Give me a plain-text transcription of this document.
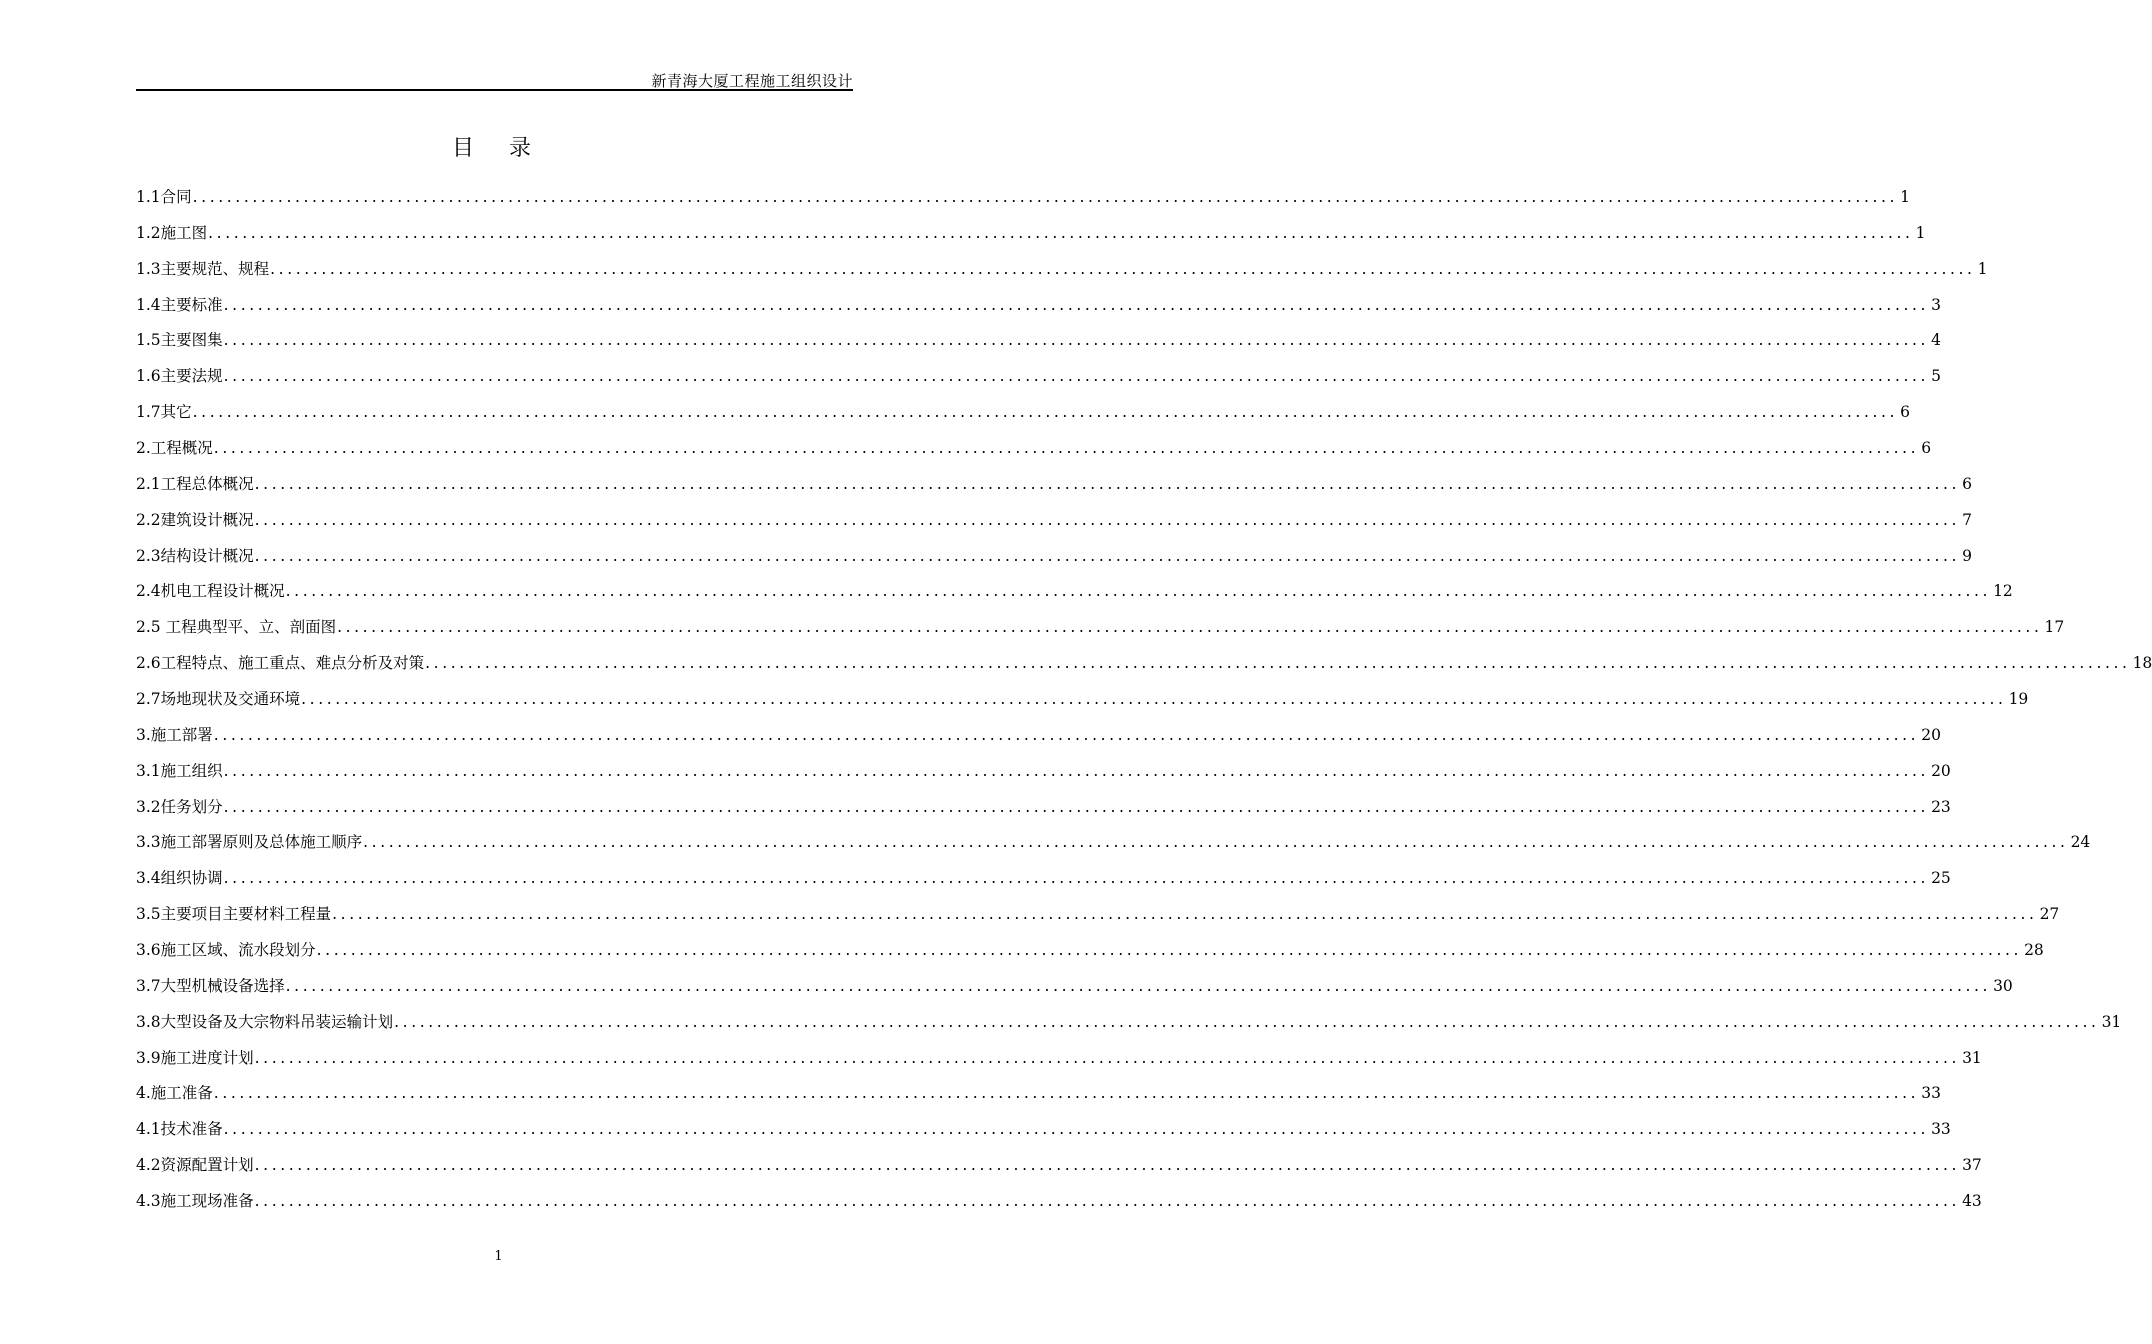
新青海大厦工程施工组织设计
目 录
1.1合同 ........................................................................................................................................................................................................ 1
1.2施工图 ........................................................................................................................................................................................................ 1
1.3主要规范、规程 ........................................................................................................................................................................................................ 1
1.4主要标准 ........................................................................................................................................................................................................ 3
1.5主要图集 ........................................................................................................................................................................................................ 4
1.6主要法规 ........................................................................................................................................................................................................ 5
1.7其它 ........................................................................................................................................................................................................ 6
2.工程概况 ........................................................................................................................................................................................................ 6
2.1工程总体概况 ........................................................................................................................................................................................................ 6
2.2建筑设计概况 ........................................................................................................................................................................................................ 7
2.3结构设计概况 ........................................................................................................................................................................................................ 9
2.4机电工程设计概况 ........................................................................................................................................................................................................ 12
2.5 工程典型平、立、剖面图 ........................................................................................................................................................................................................ 17
2.6工程特点、施工重点、难点分析及对策 ........................................................................................................................................................................................................ 18
2.7场地现状及交通环境 ........................................................................................................................................................................................................ 19
3.施工部署 ........................................................................................................................................................................................................ 20
3.1施工组织 ........................................................................................................................................................................................................ 20
3.2任务划分 ........................................................................................................................................................................................................ 23
3.3施工部署原则及总体施工顺序 ........................................................................................................................................................................................................ 24
3.4组织协调 ........................................................................................................................................................................................................ 25
3.5主要项目主要材料工程量 ........................................................................................................................................................................................................ 27
3.6施工区域、流水段划分 ........................................................................................................................................................................................................ 28
3.7大型机械设备选择 ........................................................................................................................................................................................................ 30
3.8大型设备及大宗物料吊装运输计划 ........................................................................................................................................................................................................ 31
3.9施工进度计划 ........................................................................................................................................................................................................ 31
4.施工准备 ........................................................................................................................................................................................................ 33
4.1技术准备 ........................................................................................................................................................................................................ 33
4.2资源配置计划 ........................................................................................................................................................................................................ 37
4.3施工现场准备 ........................................................................................................................................................................................................ 43
1
